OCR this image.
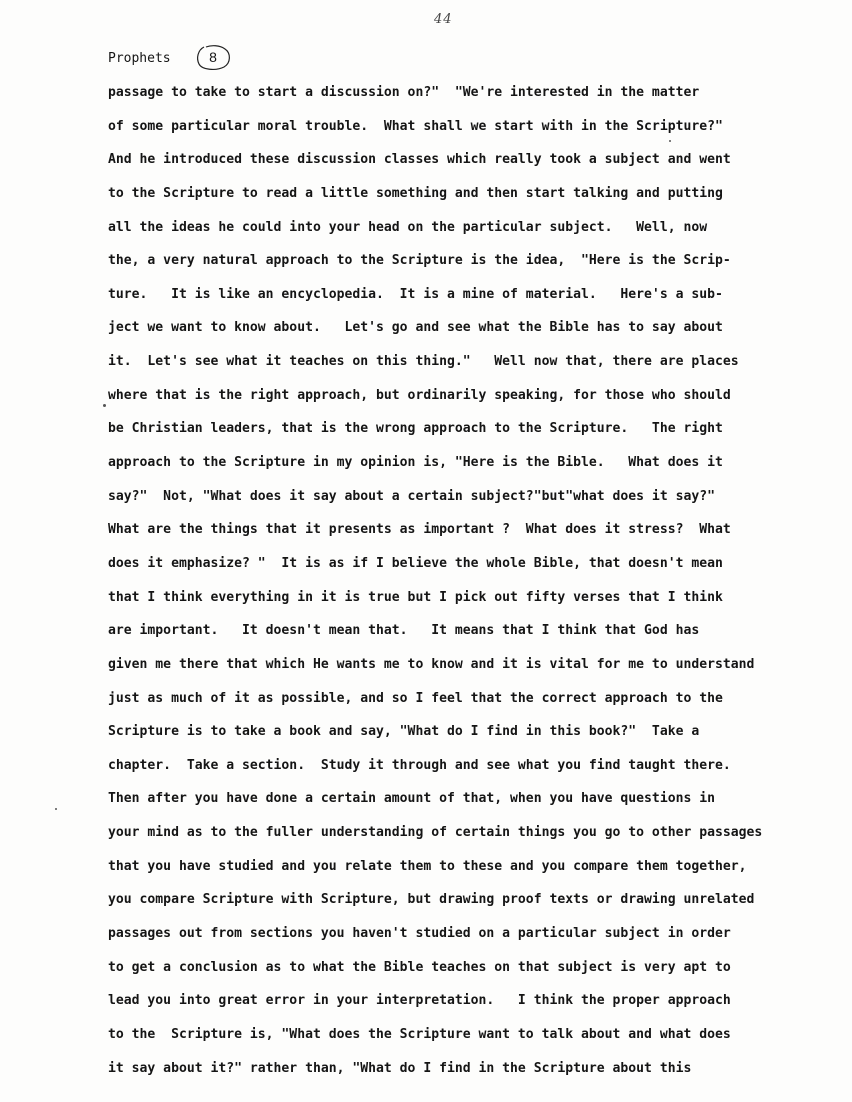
44
Prophets	8
passage to take to start a discussion on?"  "We're interested in the matter
of some particular moral trouble.  What shall we start with in the Scripture?"
And he introduced these discussion classes which really took a subject and went
to the Scripture to read a little something and then start talking and putting
all the ideas he could into your head on the particular subject.   Well, now
the, a very natural approach to the Scripture is the idea,  "Here is the Scrip-
ture.   It is like an encyclopedia.  It is a mine of material.   Here's a sub-
ject we want to know about.   Let's go and see what the Bible has to say about
it.  Let's see what it teaches on this thing."   Well now that, there are places
where that is the right approach, but ordinarily speaking, for those who should
be Christian leaders, that is the wrong approach to the Scripture.   The right
approach to the Scripture in my opinion is, "Here is the Bible.   What does it
say?"  Not, "What does it say about a certain subject?"but"what does it say?"
What are the things that it presents as important ?  What does it stress?  What
does it emphasize? "  It is as if I believe the whole Bible, that doesn't mean
that I think everything in it is true but I pick out fifty verses that I think
are important.   It doesn't mean that.   It means that I think that God has
given me there that which He wants me to know and it is vital for me to understand
just as much of it as possible, and so I feel that the correct approach to the
Scripture is to take a book and say, "What do I find in this book?"  Take a
chapter.  Take a section.  Study it through and see what you find taught there.
Then after you have done a certain amount of that, when you have questions in
your mind as to the fuller understanding of certain things you go to other passages
that you have studied and you relate them to these and you compare them together,
you compare Scripture with Scripture, but drawing proof texts or drawing unrelated
passages out from sections you haven't studied on a particular subject in order
to get a conclusion as to what the Bible teaches on that subject is very apt to
lead you into great error in your interpretation.   I think the proper approach
to the  Scripture is, "What does the Scripture want to talk about and what does
it say about it?" rather than, "What do I find in the Scripture about this
